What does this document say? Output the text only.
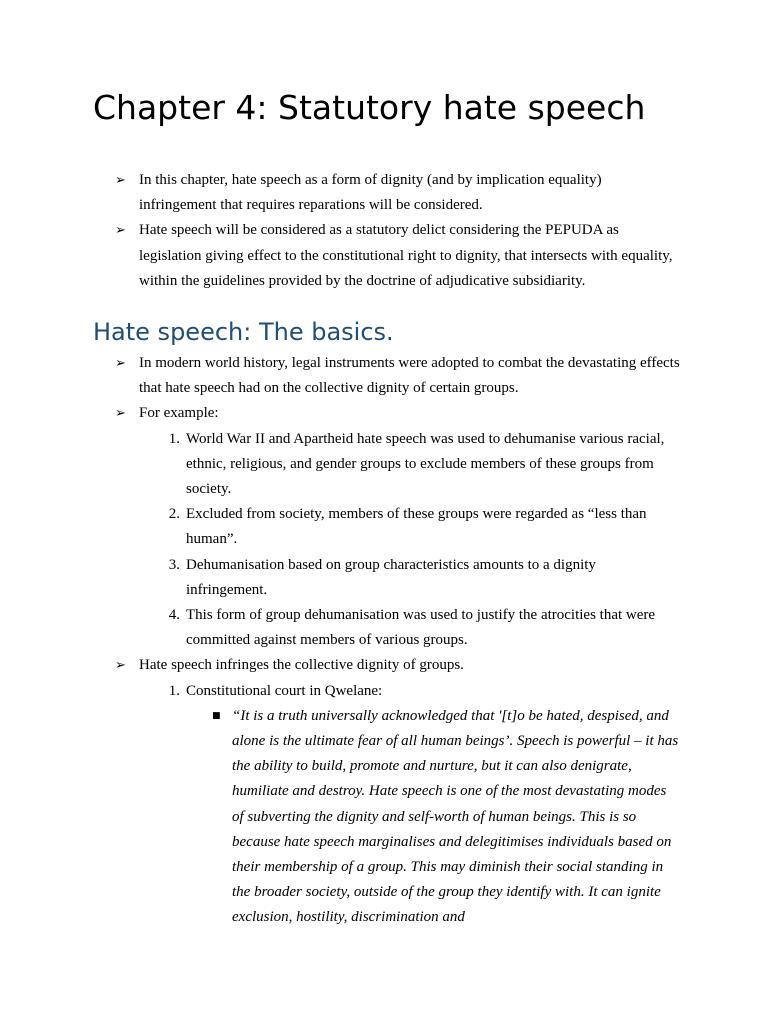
Chapter 4: Statutory hate speech
➢ In this chapter, hate speech as a form of dignity (and by implication equality) infringement that requires reparations will be considered.
➢ Hate speech will be considered as a statutory delict considering the PEPUDA as legislation giving effect to the constitutional right to dignity, that intersects with equality, within the guidelines provided by the doctrine of adjudicative subsidiarity.
Hate speech: The basics.
➢ In modern world history, legal instruments were adopted to combat the devastating effects that hate speech had on the collective dignity of certain groups.
➢ For example:
1. World War II and Apartheid hate speech was used to dehumanise various racial, ethnic, religious, and gender groups to exclude members of these groups from society.
2. Excluded from society, members of these groups were regarded as “less than human”.
3. Dehumanisation based on group characteristics amounts to a dignity infringement.
4. This form of group dehumanisation was used to justify the atrocities that were committed against members of various groups.
➢ Hate speech infringes the collective dignity of groups.
1. Constitutional court in Qwelane:
■ “It is a truth universally acknowledged that '[t]o be hated, despised, and alone is the ultimate fear of all human beings’. Speech is powerful – it has the ability to build, promote and nurture, but it can also denigrate, humiliate and destroy. Hate speech is one of the most devastating modes of subverting the dignity and self-worth of human beings. This is so because hate speech marginalises and delegitimises individuals based on their membership of a group. This may diminish their social standing in the broader society, outside of the group they identify with. It can ignite exclusion, hostility, discrimination and
